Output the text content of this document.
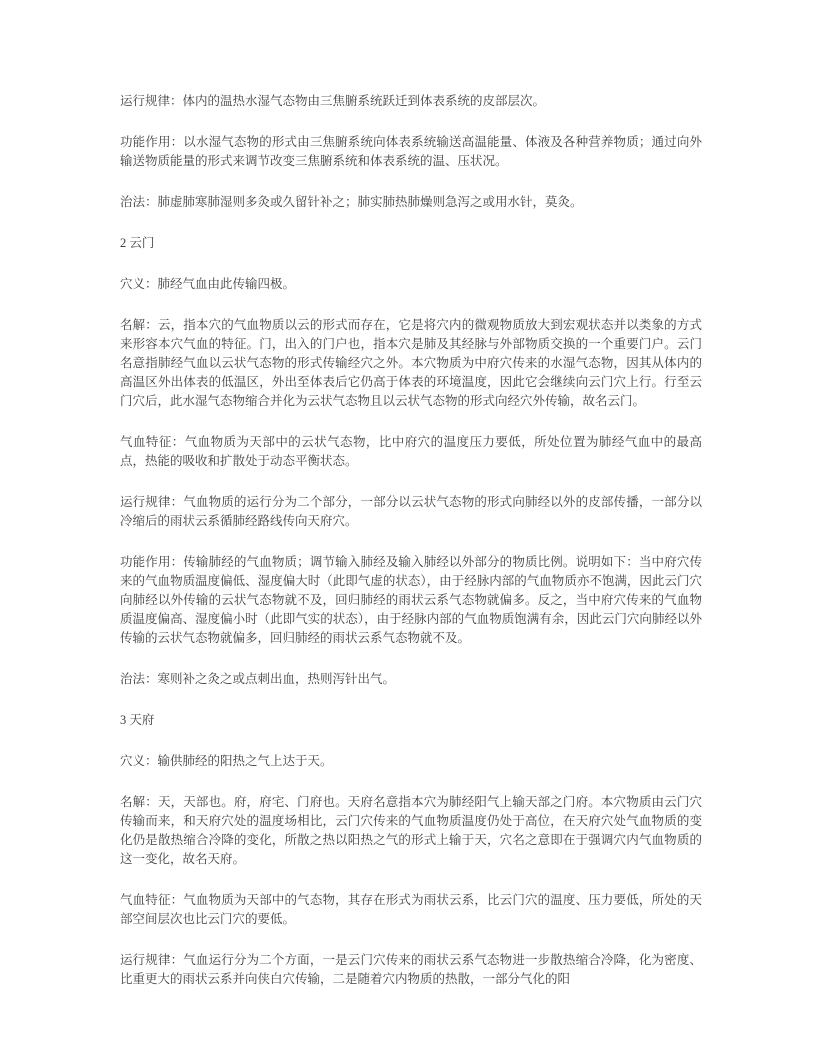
运行规律：体内的温热水湿气态物由三焦腑系统跃迁到体表系统的皮部层次。

功能作用：以水湿气态物的形式由三焦腑系统向体表系统输送高温能量、体液及各种营养物质；通过向外输送物质能量的形式来调节改变三焦腑系统和体表系统的温、压状况。

治法：肺虚肺寒肺湿则多灸或久留针补之；肺实肺热肺燥则急泻之或用水针，莫灸。

2 云门

穴义：肺经气血由此传输四极。

名解：云，指本穴的气血物质以云的形式而存在，它是将穴内的微观物质放大到宏观状态并以类象的方式来形容本穴气血的特征。门，出入的门户也，指本穴是肺及其经脉与外部物质交换的一个重要门户。云门名意指肺经气血以云状气态物的形式传输经穴之外。本穴物质为中府穴传来的水湿气态物，因其从体内的高温区外出体表的低温区，外出至体表后它仍高于体表的环境温度，因此它会继续向云门穴上行。行至云门穴后，此水湿气态物缩合并化为云状气态物且以云状气态物的形式向经穴外传输，故名云门。

气血特征：气血物质为天部中的云状气态物，比中府穴的温度压力要低，所处位置为肺经气血中的最高点，热能的吸收和扩散处于动态平衡状态。

运行规律：气血物质的运行分为二个部分，一部分以云状气态物的形式向肺经以外的皮部传播，一部分以冷缩后的雨状云系循肺经路线传向天府穴。

功能作用：传输肺经的气血物质；调节输入肺经及输入肺经以外部分的物质比例。说明如下：当中府穴传来的气血物质温度偏低、湿度偏大时（此即气虚的状态），由于经脉内部的气血物质亦不饱满，因此云门穴向肺经以外传输的云状气态物就不及，回归肺经的雨状云系气态物就偏多。反之，当中府穴传来的气血物质温度偏高、湿度偏小时（此即气实的状态），由于经脉内部的气血物质饱满有余，因此云门穴向肺经以外传输的云状气态物就偏多，回归肺经的雨状云系气态物就不及。

治法：寒则补之灸之或点刺出血，热则泻针出气。

3 天府

穴义：输供肺经的阳热之气上达于天。

名解：天，天部也。府，府宅、门府也。天府名意指本穴为肺经阳气上输天部之门府。本穴物质由云门穴传输而来，和天府穴处的温度场相比，云门穴传来的气血物质温度仍处于高位，在天府穴处气血物质的变化仍是散热缩合冷降的变化，所散之热以阳热之气的形式上输于天，穴名之意即在于强调穴内气血物质的这一变化，故名天府。

气血特征：气血物质为天部中的气态物，其存在形式为雨状云系，比云门穴的温度、压力要低，所处的天部空间层次也比云门穴的要低。

运行规律：气血运行分为二个方面，一是云门穴传来的雨状云系气态物进一步散热缩合冷降，化为密度、比重更大的雨状云系并向侠白穴传输，二是随着穴内物质的热散，一部分气化的阳
